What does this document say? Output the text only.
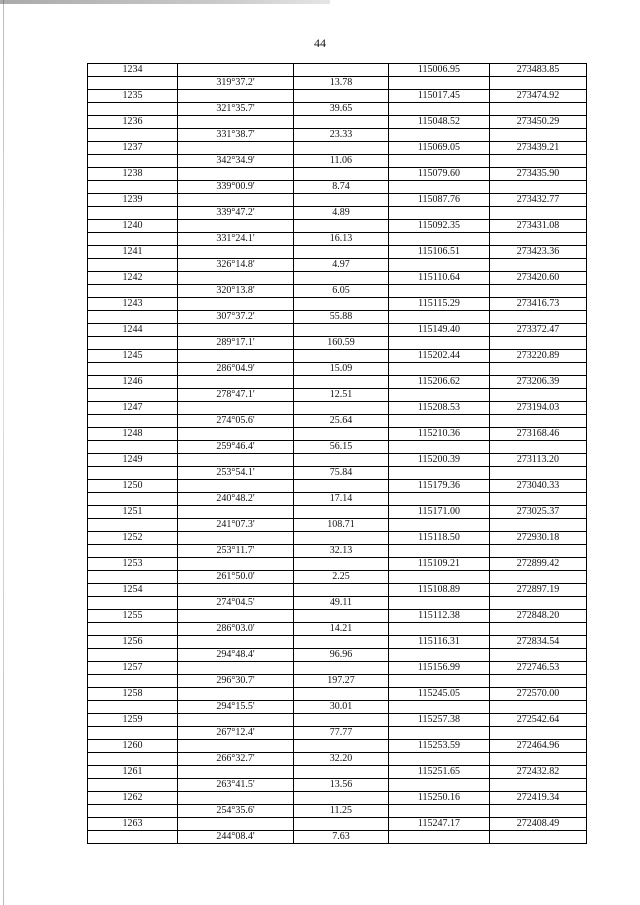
44
1234			115006.95	273483.85
	319°37.2'	13.78		
1235			115017.45	273474.92
	321°35.7'	39.65		
1236			115048.52	273450.29
	331°38.7'	23.33		
1237			115069.05	273439.21
	342°34.9'	11.06		
1238			115079.60	273435.90
	339°00.9'	8.74		
1239			115087.76	273432.77
	339°47.2'	4.89		
1240			115092.35	273431.08
	331°24.1'	16.13		
1241			115106.51	273423.36
	326°14.8'	4.97		
1242			115110.64	273420.60
	320°13.8'	6.05		
1243			115115.29	273416.73
	307°37.2'	55.88		
1244			115149.40	273372.47
	289°17.1'	160.59		
1245			115202.44	273220.89
	286°04.9'	15.09		
1246			115206.62	273206.39
	278°47.1'	12.51		
1247			115208.53	273194.03
	274°05.6'	25.64		
1248			115210.36	273168.46
	259°46.4'	56.15		
1249			115200.39	273113.20
	253°54.1'	75.84		
1250			115179.36	273040.33
	240°48.2'	17.14		
1251			115171.00	273025.37
	241°07.3'	108.71		
1252			115118.50	272930.18
	253°11.7'	32.13		
1253			115109.21	272899.42
	261°50.0'	2.25		
1254			115108.89	272897.19
	274°04.5'	49.11		
1255			115112.38	272848.20
	286°03.0'	14.21		
1256			115116.31	272834.54
	294°48.4'	96.96		
1257			115156.99	272746.53
	296°30.7'	197.27		
1258			115245.05	272570.00
	294°15.5'	30.01		
1259			115257.38	272542.64
	267°12.4'	77.77		
1260			115253.59	272464.96
	266°32.7'	32.20		
1261			115251.65	272432.82
	263°41.5'	13.56		
1262			115250.16	272419.34
	254°35.6'	11.25		
1263			115247.17	272408.49
	244°08.4'	7.63		
